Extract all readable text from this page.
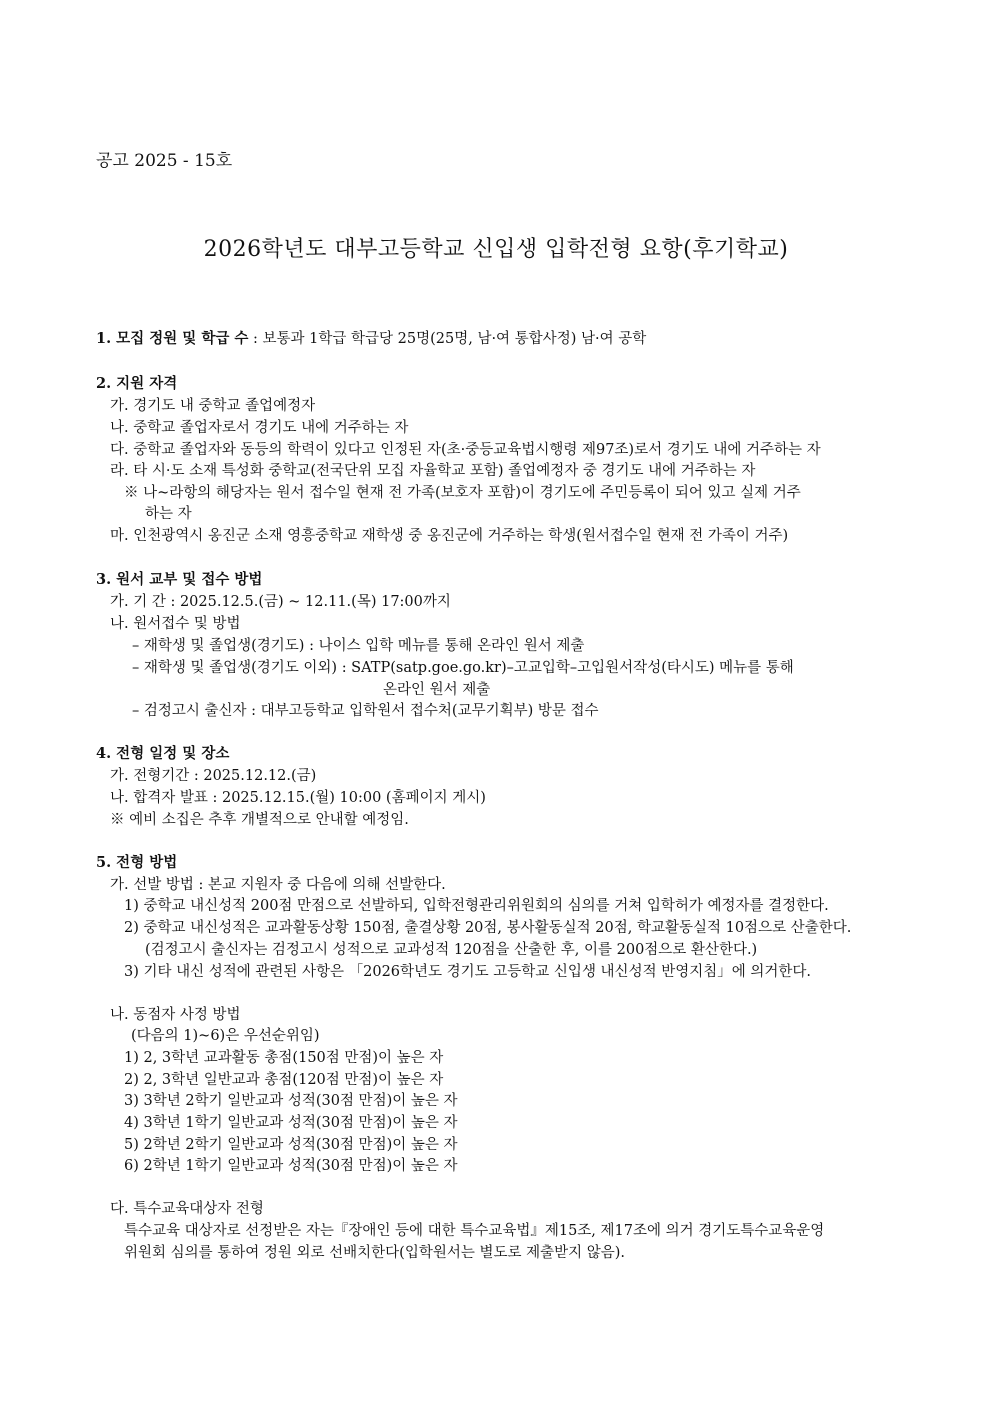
공고 2025 - 15호
2026학년도 대부고등학교 신입생 입학전형 요항(후기학교)
1. 모집 정원 및 학급 수 : 보통과 1학급 학급당 25명(25명, 남·여 통합사정) 남·여 공학
2. 지원 자격
가. 경기도 내 중학교 졸업예정자
나. 중학교 졸업자로서 경기도 내에 거주하는 자
다. 중학교 졸업자와 동등의 학력이 있다고 인정된 자(초·중등교육법시행령 제97조)로서 경기도 내에 거주하는 자
라. 타 시·도 소재 특성화 중학교(전국단위 모집 자율학교 포함) 졸업예정자 중 경기도 내에 거주하는 자
※ 나~라항의 해당자는 원서 접수일 현재 전 가족(보호자 포함)이 경기도에 주민등록이 되어 있고 실제 거주
하는 자
마. 인천광역시 옹진군 소재 영흥중학교 재학생 중 옹진군에 거주하는 학생(원서접수일 현재 전 가족이 거주)
3. 원서 교부 및 접수 방법
가. 기 간 : 2025.12.5.(금) ~ 12.11.(목) 17:00까지
나. 원서접수 및 방법
– 재학생 및 졸업생(경기도) : 나이스 입학 메뉴를 통해 온라인 원서 제출
– 재학생 및 졸업생(경기도 이외) : SATP(satp.goe.go.kr)–고교입학–고입원서작성(타시도) 메뉴를 통해
온라인 원서 제출
– 검정고시 출신자 : 대부고등학교 입학원서 접수처(교무기획부) 방문 접수
4. 전형 일정 및 장소
가. 전형기간 : 2025.12.12.(금)
나. 합격자 발표 : 2025.12.15.(월) 10:00 (홈페이지 게시)
※ 예비 소집은 추후 개별적으로 안내할 예정임.
5. 전형 방법
가. 선발 방법 : 본교 지원자 중 다음에 의해 선발한다.
1) 중학교 내신성적 200점 만점으로 선발하되, 입학전형관리위원회의 심의를 거쳐 입학허가 예정자를 결정한다.
2) 중학교 내신성적은 교과활동상황 150점, 출결상황 20점, 봉사활동실적 20점, 학교활동실적 10점으로 산출한다.
(검정고시 출신자는 검정고시 성적으로 교과성적 120점을 산출한 후, 이를 200점으로 환산한다.)
3) 기타 내신 성적에 관련된 사항은 「2026학년도 경기도 고등학교 신입생 내신성적 반영지침」에 의거한다.
나. 동점자 사정 방법
(다음의 1)~6)은 우선순위임)
1) 2, 3학년 교과활동 총점(150점 만점)이 높은 자
2) 2, 3학년 일반교과 총점(120점 만점)이 높은 자
3) 3학년 2학기 일반교과 성적(30점 만점)이 높은 자
4) 3학년 1학기 일반교과 성적(30점 만점)이 높은 자
5) 2학년 2학기 일반교과 성적(30점 만점)이 높은 자
6) 2학년 1학기 일반교과 성적(30점 만점)이 높은 자
다. 특수교육대상자 전형
특수교육 대상자로 선정받은 자는『장애인 등에 대한 특수교육법』제15조, 제17조에 의거 경기도특수교육운영
위원회 심의를 통하여 정원 외로 선배치한다(입학원서는 별도로 제출받지 않음).
